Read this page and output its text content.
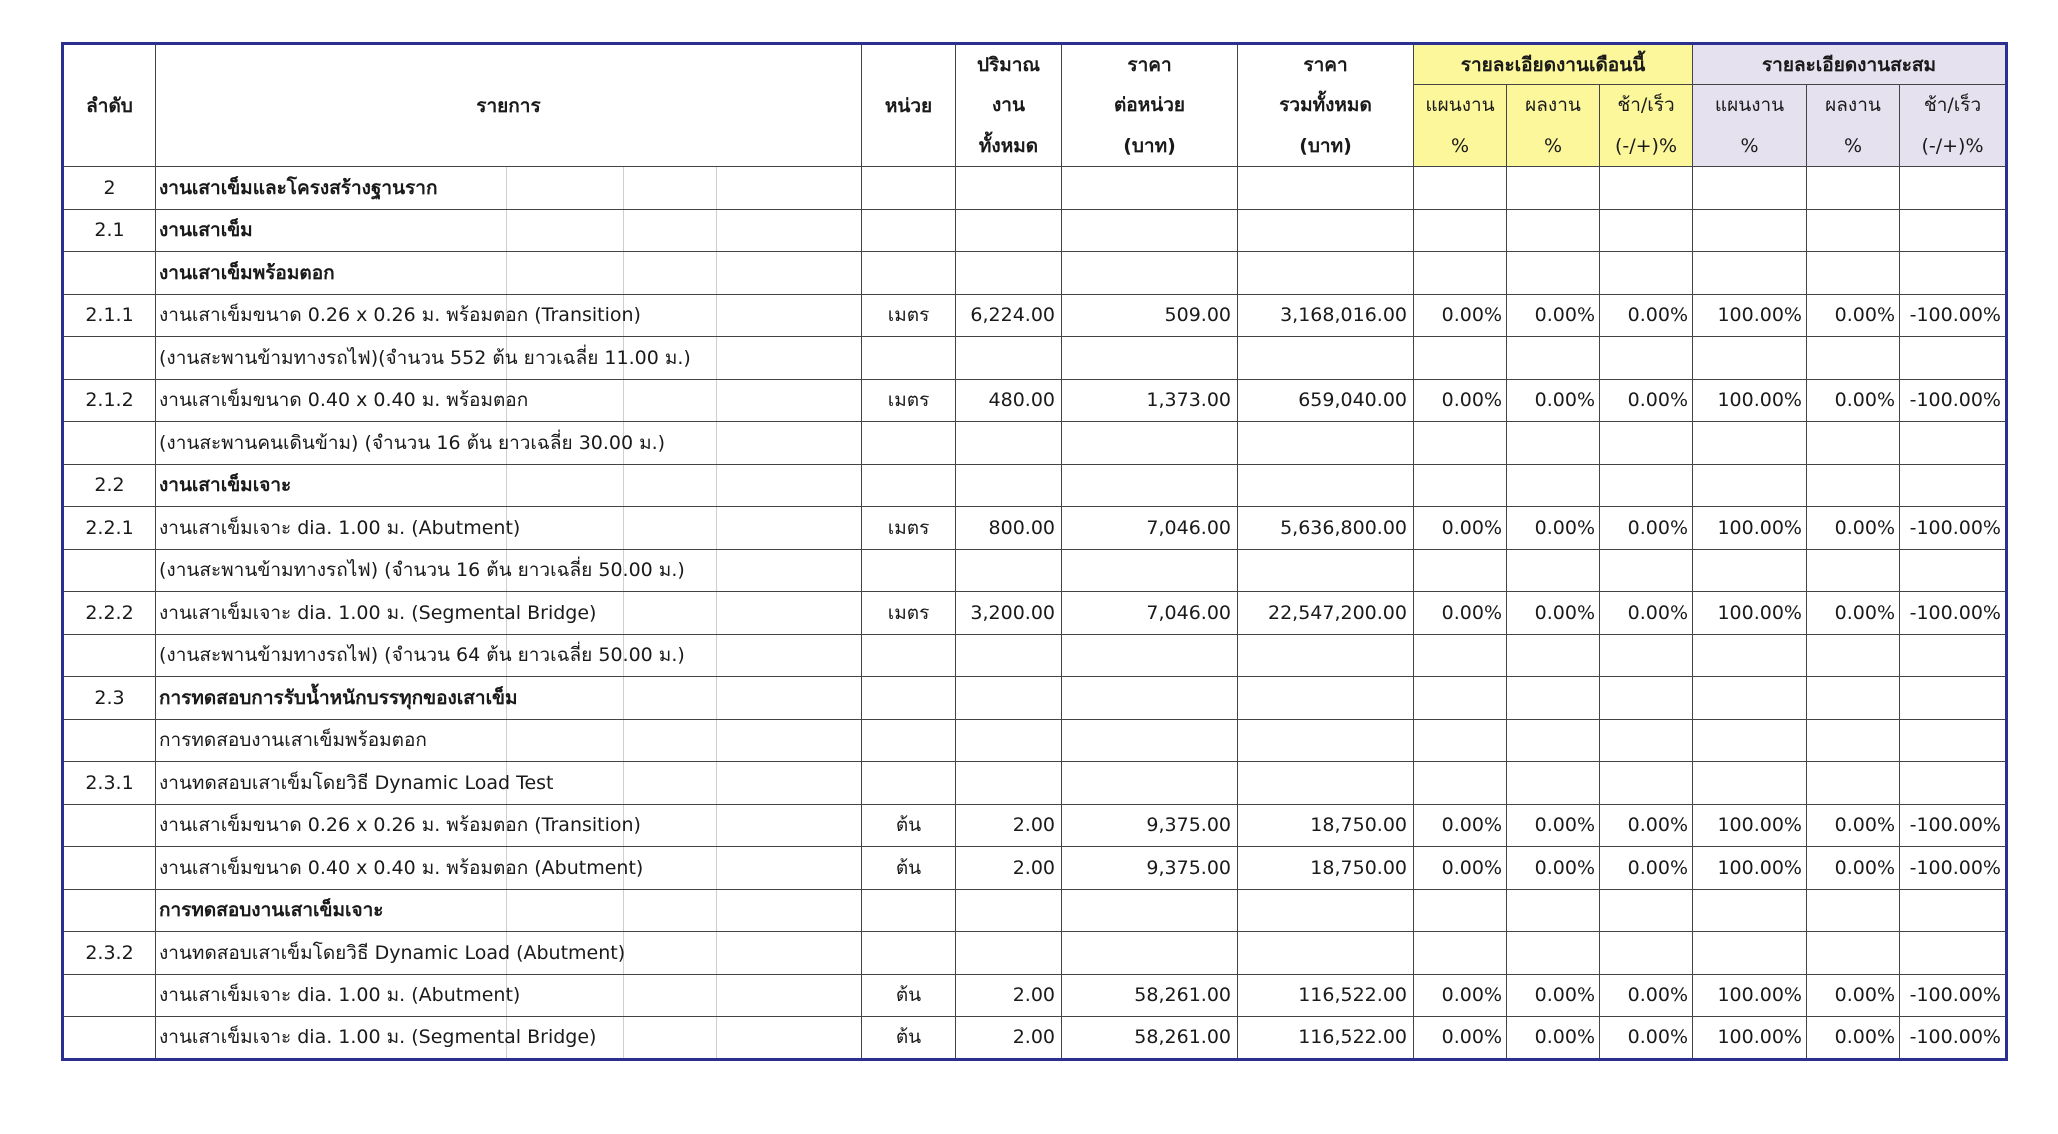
ลำดับ	รายการ	หน่วย	ปริมาณ	ราคา	ราคา	รายละเอียดงานเดือนนี้			รายละเอียดงานสะสม		
			งาน	ต่อหน่วย	รวมทั้งหมด	แผนงาน	ผลงาน	ช้า/เร็ว	แผนงาน	ผลงาน	ช้า/เร็ว
			ทั้งหมด	(บาท)	(บาท)	%	%	(-/+)%	%	%	(-/+)%
2	งานเสาเข็มและโครงสร้างฐานราก										
2.1	งานเสาเข็ม										
	งานเสาเข็มพร้อมตอก										
2.1.1	งานเสาเข็มขนาด 0.26 x 0.26 ม. พร้อมตอก (Transition)	เมตร	6,224.00	509.00	3,168,016.00	0.00%	0.00%	0.00%	100.00%	0.00%	-100.00%
	(งานสะพานข้ามทางรถไฟ)(จำนวน 552 ต้น ยาวเฉลี่ย 11.00 ม.)										
2.1.2	งานเสาเข็มขนาด 0.40 x 0.40 ม. พร้อมตอก	เมตร	480.00	1,373.00	659,040.00	0.00%	0.00%	0.00%	100.00%	0.00%	-100.00%
	(งานสะพานคนเดินข้าม) (จำนวน 16 ต้น ยาวเฉลี่ย 30.00 ม.)										
2.2	งานเสาเข็มเจาะ										
2.2.1	งานเสาเข็มเจาะ dia. 1.00 ม. (Abutment)	เมตร	800.00	7,046.00	5,636,800.00	0.00%	0.00%	0.00%	100.00%	0.00%	-100.00%
	(งานสะพานข้ามทางรถไฟ) (จำนวน 16 ต้น ยาวเฉลี่ย 50.00 ม.)										
2.2.2	งานเสาเข็มเจาะ dia. 1.00 ม. (Segmental Bridge)	เมตร	3,200.00	7,046.00	22,547,200.00	0.00%	0.00%	0.00%	100.00%	0.00%	-100.00%
	(งานสะพานข้ามทางรถไฟ) (จำนวน 64 ต้น ยาวเฉลี่ย 50.00 ม.)										
2.3	การทดสอบการรับน้ำหนักบรรทุกของเสาเข็ม										
	การทดสอบงานเสาเข็มพร้อมตอก										
2.3.1	งานทดสอบเสาเข็มโดยวิธี Dynamic Load Test										
	งานเสาเข็มขนาด 0.26 x 0.26 ม. พร้อมตอก (Transition)	ต้น	2.00	9,375.00	18,750.00	0.00%	0.00%	0.00%	100.00%	0.00%	-100.00%
	งานเสาเข็มขนาด 0.40 x 0.40 ม. พร้อมตอก (Abutment)	ต้น	2.00	9,375.00	18,750.00	0.00%	0.00%	0.00%	100.00%	0.00%	-100.00%
	การทดสอบงานเสาเข็มเจาะ										
2.3.2	งานทดสอบเสาเข็มโดยวิธี Dynamic Load (Abutment)										
	งานเสาเข็มเจาะ dia. 1.00 ม. (Abutment)	ต้น	2.00	58,261.00	116,522.00	0.00%	0.00%	0.00%	100.00%	0.00%	-100.00%
	งานเสาเข็มเจาะ dia. 1.00 ม. (Segmental Bridge)	ต้น	2.00	58,261.00	116,522.00	0.00%	0.00%	0.00%	100.00%	0.00%	-100.00%
